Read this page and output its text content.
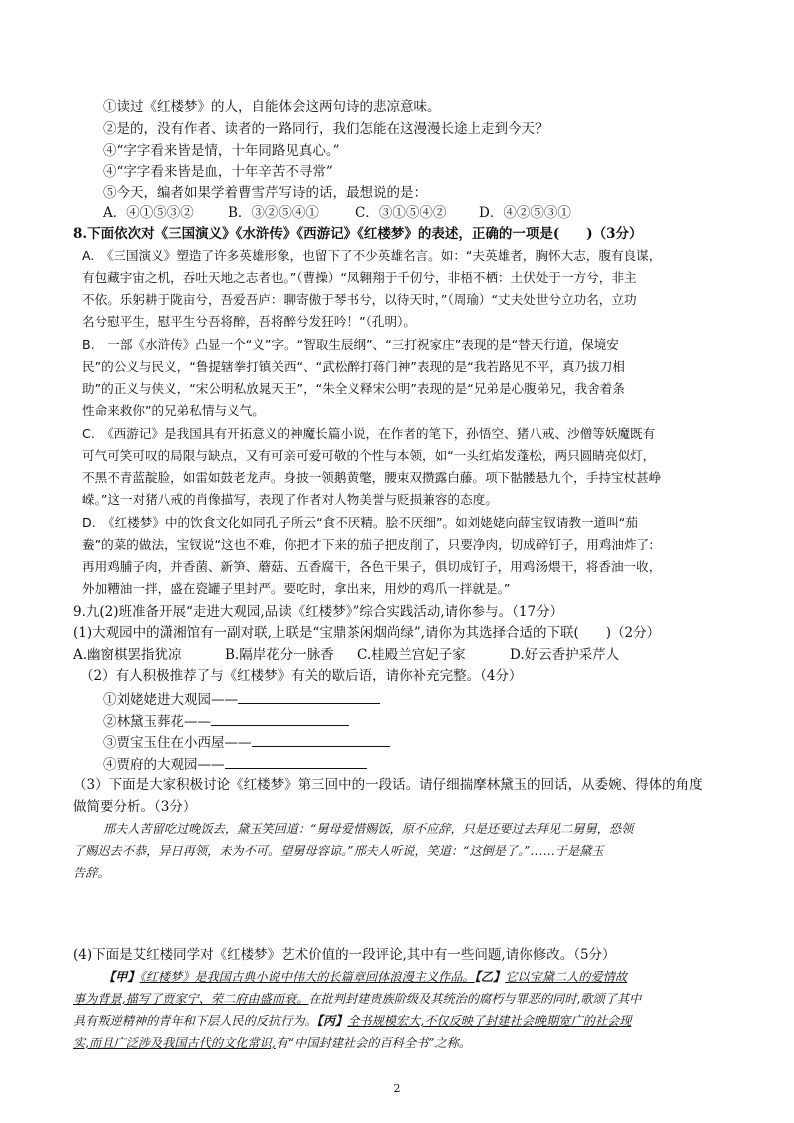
①读过《红楼梦》的人，自能体会这两句诗的悲凉意味。
②是的，没有作者、读者的一路同行，我们怎能在这漫漫长途上走到今天？
④“字字看来皆是情，十年同路见真心。”
④“字字看来皆是血，十年辛苦不寻常”
⑤今天，编者如果学着曹雪芹写诗的话，最想说的是：
A．④①⑤③②	B．③②⑤④①	C．③①⑤④② D．④②⑤③①
8.下面依次对《三国演义》《水浒传》《西游记》《红楼梦》的表述，正确的一项是(　　)（3分）
A.　《三国演义》塑造了许多英雄形象，也留下了不少英雄名言。如：“夫英雄者，胸怀大志，腹有良谋，
有包藏宇宙之机，吞吐天地之志者也。”（曹操）“凤翱翔于千仞兮，非梧不栖：土伏处于一方兮，非主
不依。乐躬耕于陇亩兮，吾爱吾庐：聊寄傲于琴书兮，以待天时，”（周瑜）“丈夫处世兮立功名，立功
名兮慰平生，慰平生兮吾将醉，吾将醉兮发狂吟！”（孔明）。
B.　一部《水浒传》凸显一个“义”字。“智取生辰纲”、“三打祝家庄”表现的是“替天行道，保境安
民”的公义与民义，“鲁提辖拳打镇关西“、“武松醉打蒋门神”表现的是“我若路见不平，真乃拔刀相
助”的正义与侠义，“宋公明私放晁天王”，“朱全义释宋公明”表现的是“兄弟是心腹弟兄，我舍着条
性命来救你”的兄弟私情与义气。
C.　《西游记》是我国具有开拓意义的神魔长篇小说，在作者的笔下，孙悟空、猪八戒、沙僧等妖魔既有
可气可笑可叹的局限与缺点，又有可亲可爱可敬的个性与本领，如“一头红焰发蓬松，两只圆睛亮似灯，
不黑不青蓝靛脸，如雷如鼓老龙声。身披一领鹅黄氅，腰束双攒露白藤。项下骷髅悬九个，手持宝杖甚峥
嵘。”这一对猪八戒的肖像描写，表现了作者对人物美誉与贬损兼容的态度。
D.　《红楼梦》中的饮食文化如同孔子所云“食不厌精。脍不厌细”。如刘姥姥向薛宝钗请教一道叫“茄
鲞”的菜的做法，宝钗说“这也不难，你把才下来的茄子把皮削了，只要净肉，切成碎钉子，用鸡油炸了:
再用鸡脯子肉，并香菌、新笋、蘑菇、五香腐干，各色干果子，俱切成钉子，用鸡汤煨干，将香油一收，
外加糟油一拌，盛在瓷罐子里封严。要吃时，拿出来，用炒的鸡爪一拌就是。”
9.九(2)班准备开展“走进大观园,品读《红楼梦》”综合实践活动,请你参与。（17分）
(1)大观园中的潇湘馆有一副对联,上联是“宝鼎茶闲烟尚绿”,请你为其选择合适的下联(　　)（2分）
A.幽窗棋罢指犹凉	B.隔岸花分一脉香 C.桂殿兰宫妃子家	D.好云香护采芹人
（2）有人积极推荐了与《红楼梦》有关的歇后语，请你补充完整。（4分）
①刘姥姥进大观园——
②林黛玉葬花——
③贾宝玉住在小西屋——
④贾府的大观园——
（3）下面是大家积极讨论《红楼梦》第三回中的一段话。请仔细揣摩林黛玉的回话，从委婉、得体的角度
做简要分析。（3分）
邢夫人苦留吃过晚饭去，黛玉笑回道：“舅母爱惜赐饭，原不应辞，只是还要过去拜见二舅舅，恐领
了赐迟去不恭，异日再领，未为不可。望舅母容谅。”邢夫人听说，笑道：“这倒是了。”……于是黛玉
告辞。
(4)下面是艾红楼同学对《红楼梦》艺术价值的一段评论,其中有一些问题,请你修改。（5分）
【甲】《红楼梦》是我国古典小说中伟大的长篇章回体浪漫主义作品。【乙】它以宝黛二人的爱情故
事为背景,描写了贾家宁、荣二府由盛而衰。在批判封建贵族阶级及其统治的腐朽与罪恶的同时,歌颂了其中
具有叛逆精神的青年和下层人民的反抗行为。【丙】全书规模宏大,不仅反映了封建社会晚期宽广的社会现
实,而且广泛涉及我国古代的文化常识,有“中国封建社会的百科全书”之称。
2
